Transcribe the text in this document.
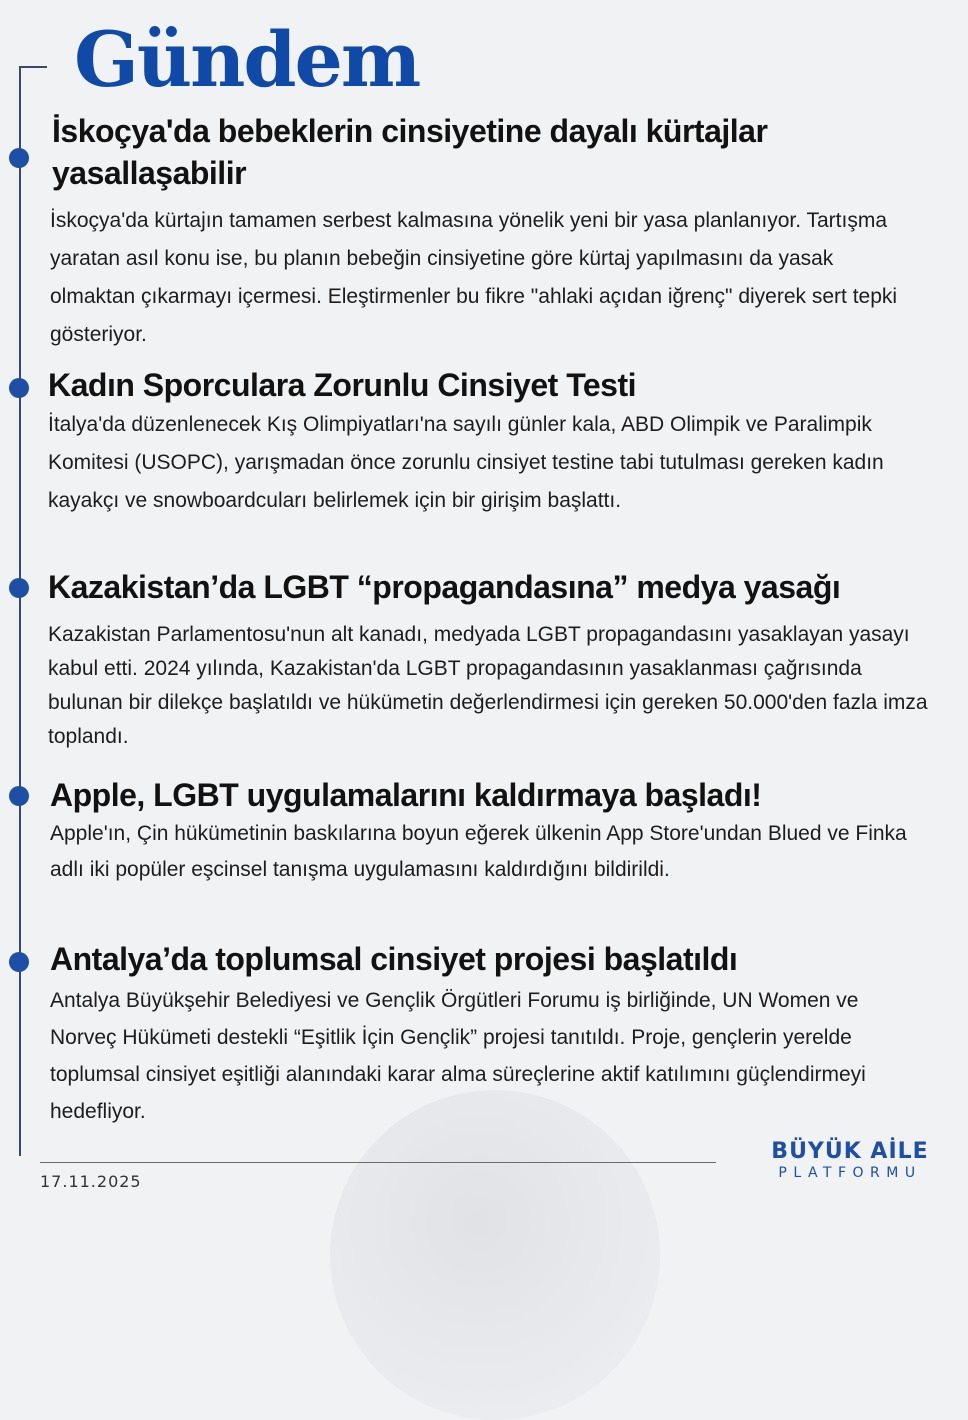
Gündem
İskoçya'da bebeklerin cinsiyetine dayalı kürtajlar yasallaşabilir

İskoçya'da kürtajın tamamen serbest kalmasına yönelik yeni bir yasa planlanıyor. Tartışma yaratan asıl konu ise, bu planın bebeğin cinsiyetine göre kürtaj yapılmasını da yasak olmaktan çıkarmayı içermesi. Eleştirmenler bu fikre "ahlaki açıdan iğrenç" diyerek sert tepki gösteriyor.

Kadın Sporculara Zorunlu Cinsiyet Testi

İtalya'da düzenlenecek Kış Olimpiyatları'na sayılı günler kala, ABD Olimpik ve Paralimpik Komitesi (USOPC), yarışmadan önce zorunlu cinsiyet testine tabi tutulması gereken kadın kayakçı ve snowboardcuları belirlemek için bir girişim başlattı.

Kazakistan’da LGBT “propagandasına” medya yasağı

Kazakistan Parlamentosu'nun alt kanadı, medyada LGBT propagandasını yasaklayan yasayı kabul etti. 2024 yılında, Kazakistan'da LGBT propagandasının yasaklanması çağrısında bulunan bir dilekçe başlatıldı ve hükümetin değerlendirmesi için gereken 50.000'den fazla imza toplandı.

Apple, LGBT uygulamalarını kaldırmaya başladı!

Apple'ın, Çin hükümetinin baskılarına boyun eğerek ülkenin App Store'undan Blued ve Finka adlı iki popüler eşcinsel tanışma uygulamasını kaldırdığını bildirildi.

Antalya’da toplumsal cinsiyet projesi başlatıldı

Antalya Büyükşehir Belediyesi ve Gençlik Örgütleri Forumu iş birliğinde, UN Women ve Norveç Hükümeti destekli “Eşitlik İçin Gençlik” projesi tanıtıldı. Proje, gençlerin yerelde toplumsal cinsiyet eşitliği alanındaki karar alma süreçlerine aktif katılımını güçlendirmeyi hedefliyor.

17.11.2025
BÜYÜK AİLE
PLATFORMU
